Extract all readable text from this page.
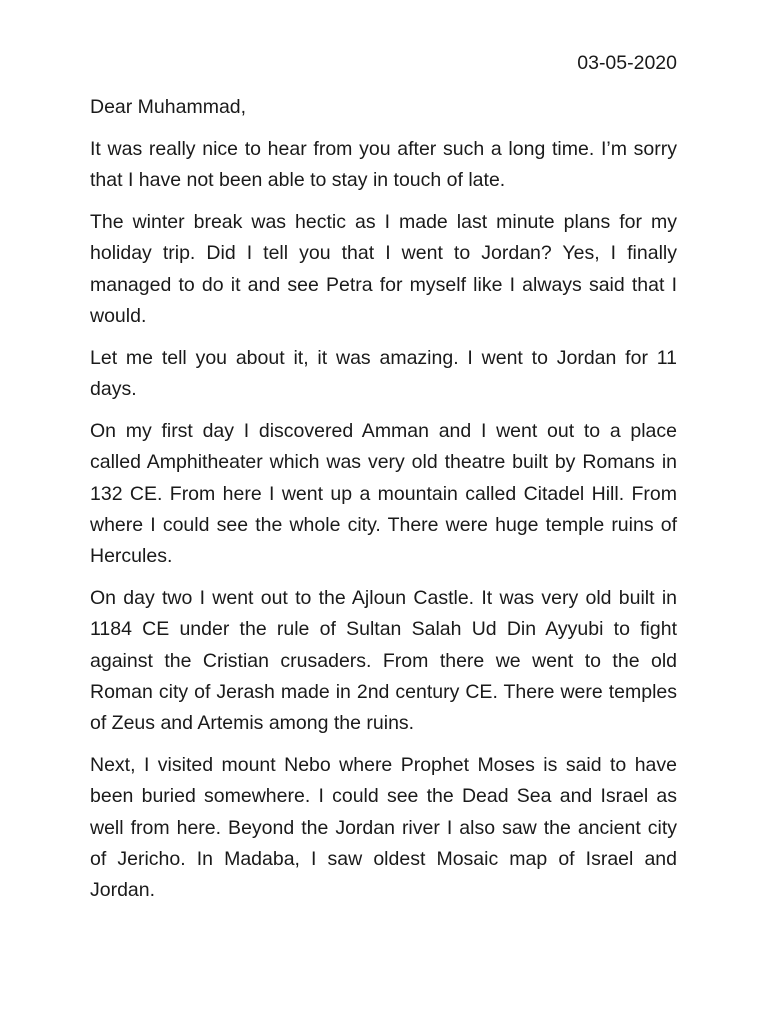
03-05-2020

Dear Muhammad,

It was really nice to hear from you after such a long time. I’m sorry that I have not been able to stay in touch of late.

The winter break was hectic as I made last minute plans for my holiday trip. Did I tell you that I went to Jordan? Yes, I finally managed to do it and see Petra for myself like I always said that I would.

Let me tell you about it, it was amazing. I went to Jordan for 11 days.

On my first day I discovered Amman and I went out to a place called Amphitheater which was very old theatre built by Romans in 132 CE. From here I went up a mountain called Citadel Hill. From where I could see the whole city. There were huge temple ruins of Hercules.

On day two I went out to the Ajloun Castle. It was very old built in 1184 CE under the rule of Sultan Salah Ud Din Ayyubi to fight against the Cristian crusaders. From there we went to the old Roman city of Jerash made in 2nd century CE. There were temples of Zeus and Artemis among the ruins.

Next, I visited mount Nebo where Prophet Moses is said to have been buried somewhere. I could see the Dead Sea and Israel as well from here. Beyond the Jordan river I also saw the ancient city of Jericho. In Madaba, I saw oldest Mosaic map of Israel and Jordan.
